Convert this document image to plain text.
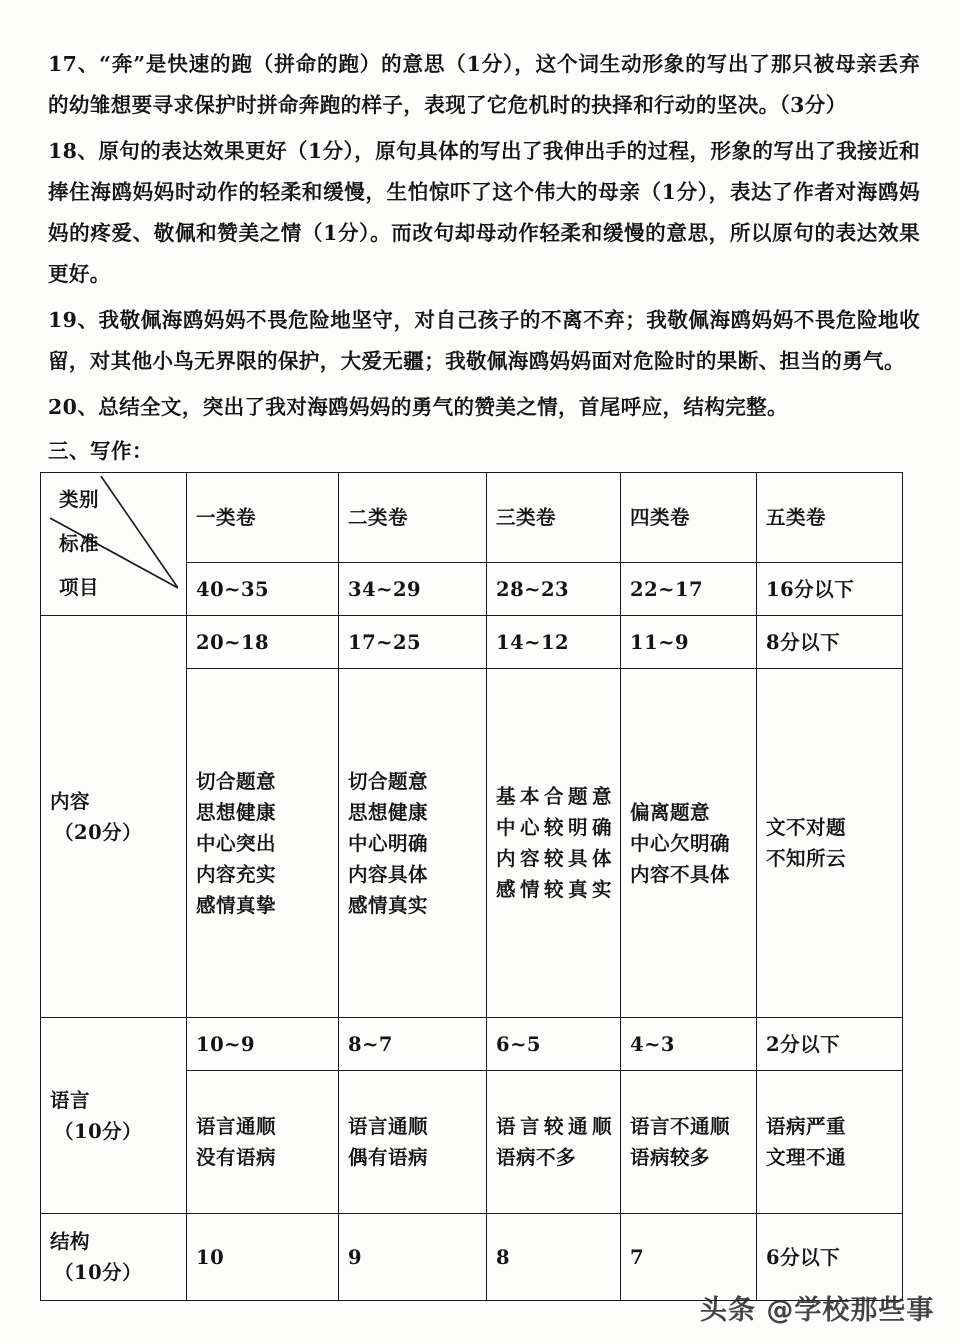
17、“奔”是快速的跑（拼命的跑）的意思（1分），这个词生动形象的写出了那只被母亲丢弃的幼雏想要寻求保护时拼命奔跑的样子，表现了它危机时的抉择和行动的坚决。（3分）

18、原句的表达效果更好（1分），原句具体的写出了我伸出手的过程，形象的写出了我接近和捧住海鸥妈妈时动作的轻柔和缓慢，生怕惊吓了这个伟大的母亲（1分），表达了作者对海鸥妈妈的疼爱、敬佩和赞美之情（1分）。而改句却母动作轻柔和缓慢的意思，所以原句的表达效果更好。

19、我敬佩海鸥妈妈不畏危险地坚守，对自己孩子的不离不弃；我敬佩海鸥妈妈不畏危险地收留，对其他小鸟无界限的保护，大爱无疆；我敬佩海鸥妈妈面对危险时的果断、担当的勇气。

20、总结全文，突出了我对海鸥妈妈的勇气的赞美之情，首尾呼应，结构完整。

三、写作：
类别
标准
项目	一类卷	二类卷	三类卷	四类卷	五类卷
	40~35	34~29	28~23	22~17	16分以下

内容
（20分）	20~18	17~25	14~12	11~9	8分以下

	切合题意
思想健康
中心突出
内容充实
感情真挚	切合题意
思想健康
中心明确
内容具体
感情真实	基本合题意
中心较明确
内容较具体
感情较真实	偏离题意
中心欠明确
内容不具体	文不对题
不知所云

语言
（10分）	10~9	8~7	6~5	4~3	2分以下

	语言通顺
没有语病	语言通顺
偶有语病	语言较通顺
语病不多	语言不通顺
语病较多	语病严重
文理不通

结构
（10分）	10	9	8	7	6分以下
头条 @学校那些事
